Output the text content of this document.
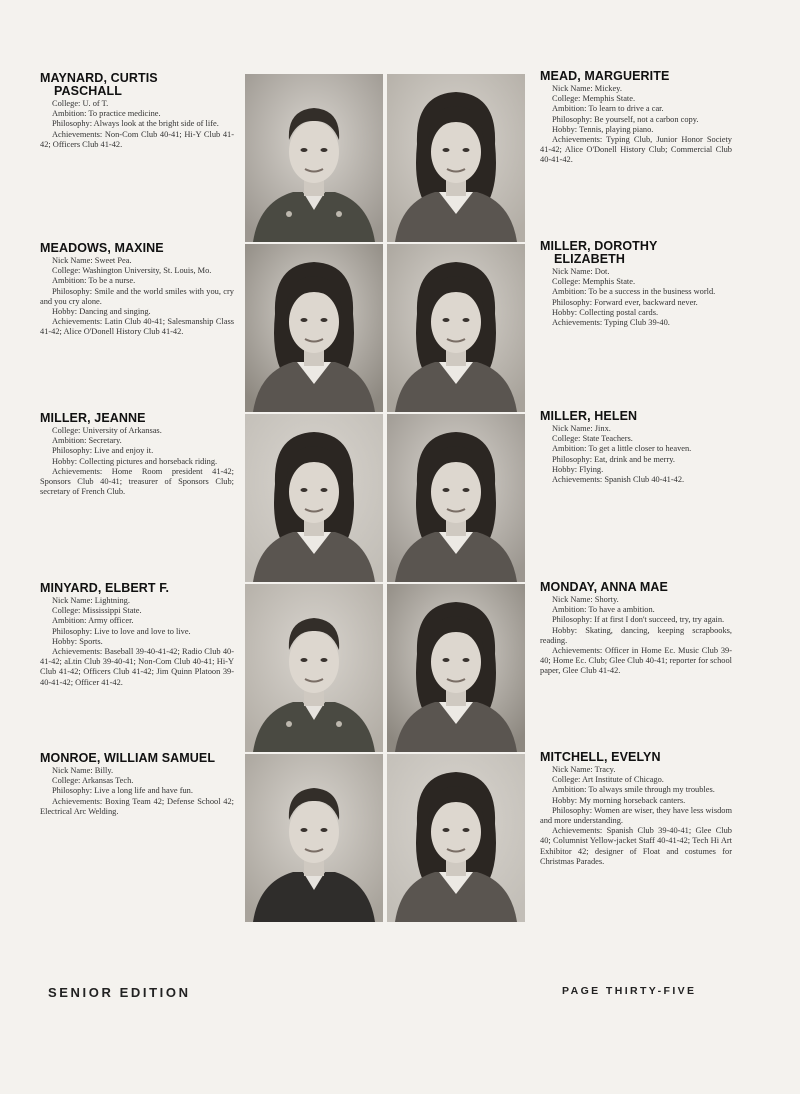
MAYNARD, CURTIS
PASCHALL
College: U. of T.
Ambition: To practice medicine.
Philosophy: Always look at the bright side of life.
Achievements: Non-Com Club 40-41; Hi-Y Club 41-42; Officers Club 41-42.
MEADOWS, MAXINE
Nick Name: Sweet Pea.
College: Washington University, St. Louis, Mo.
Ambition: To be a nurse.
Philosophy: Smile and the world smiles with you, cry and you cry alone.
Hobby: Dancing and singing.
Achievements: Latin Club 40-41; Salesmanship Class 41-42; Alice O'Donell History Club 41-42.
MILLER, JEANNE
College: University of Arkansas.
Ambition: Secretary.
Philosophy: Live and enjoy it.
Hobby: Collecting pictures and horseback riding.
Achievements: Home Room president 41-42; Sponsors Club 40-41; treasurer of Sponsors Club; secretary of French Club.
MINYARD, ELBERT F.
Nick Name: Lightning.
College: Mississippi State.
Ambition: Army officer.
Philosophy: Live to love and love to live.
Hobby: Sports.
Achievements: Baseball 39-40-41-42; Radio Club 40-41-42; aLtin Club 39-40-41; Non-Com Club 40-41; Hi-Y Club 41-42; Officers Club 41-42; Jim Quinn Platoon 39-40-41-42; Officer 41-42.
MONROE, WILLIAM SAMUEL
Nick Name: Billy.
College: Arkansas Tech.
Philosophy: Live a long life and have fun.
Achievements: Boxing Team 42; Defense School 42; Electrical Arc Welding.
MEAD, MARGUERITE
Nick Name: Mickey.
College: Memphis State.
Ambition: To learn to drive a car.
Philosophy: Be yourself, not a carbon copy.
Hobby: Tennis, playing piano.
Achievements: Typing Club, Junior Honor Society 41-42; Alice O'Donell History Club; Commercial Club 40-41-42.
MILLER, DOROTHY
ELIZABETH
Nick Name: Dot.
College: Memphis State.
Ambition: To be a success in the business world.
Philosophy: Forward ever, backward never.
Hobby: Collecting postal cards.
Achievements: Typing Club 39-40.
MILLER, HELEN
Nick Name: Jinx.
College: State Teachers.
Ambition: To get a little closer to heaven.
Philosophy: Eat, drink and be merry.
Hobby: Flying.
Achievements: Spanish Club 40-41-42.
MONDAY, ANNA MAE
Nick Name: Shorty.
Ambition: To have a ambition.
Philosophy: If at first I don't succeed, try, try again.
Hobby: Skating, dancing, keeping scrapbooks, reading.
Achievements: Officer in Home Ec. Music Club 39-40; Home Ec. Club; Glee Club 40-41; reporter for school paper, Glee Club 41-42.
MITCHELL, EVELYN
Nick Name: Tracy.
College: Art Institute of Chicago.
Ambition: To always smile through my troubles.
Hobby: My morning horseback canters.
Philosophy: Women are wiser, they have less wisdom and more understanding.
Achievements: Spanish Club 39-40-41; Glee Club 40; Columnist Yellow-jacket Staff 40-41-42; Tech Hi Art Exhibitor 42; designer of Float and costumes for Christmas Parades.
SENIOR EDITION	PAGE THIRTY-FIVE
